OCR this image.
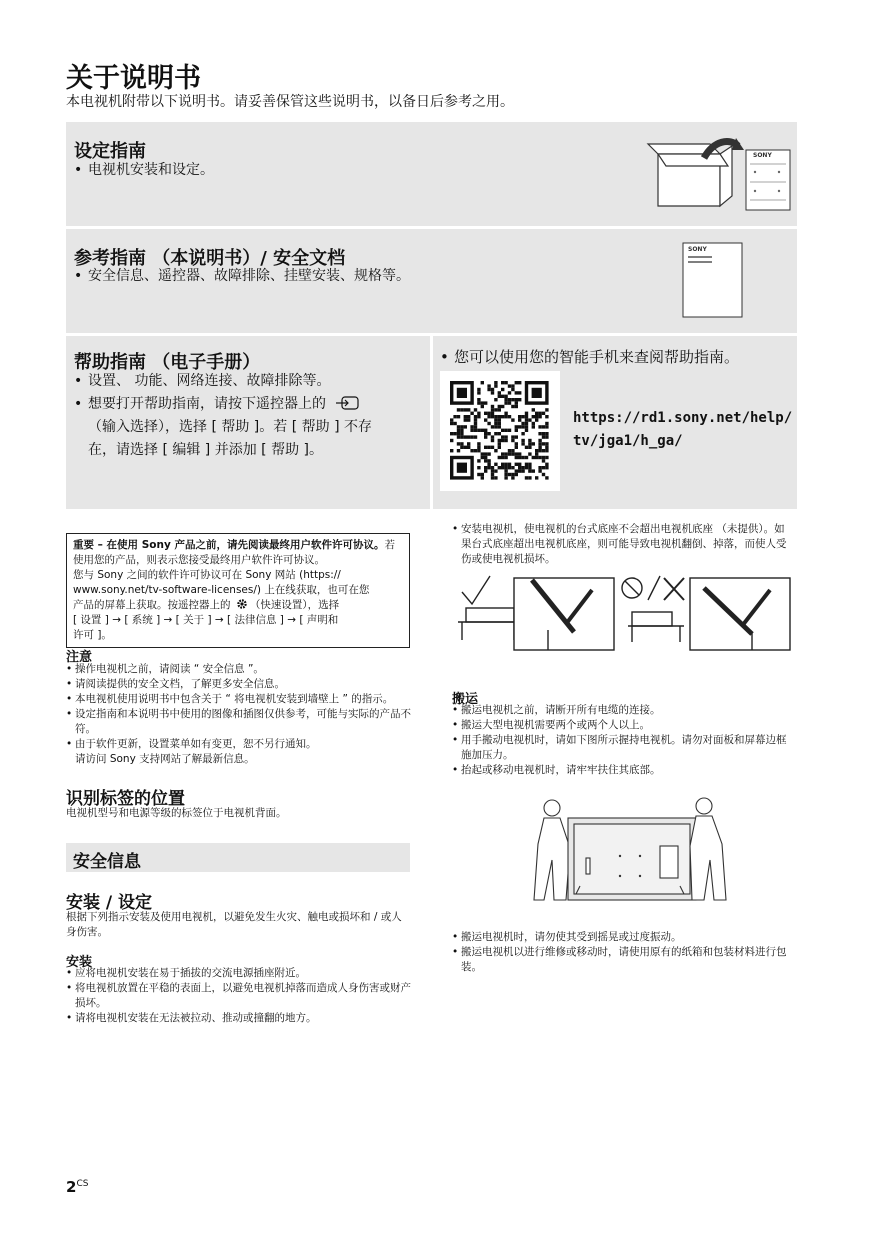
关于说明书
本电视机附带以下说明书。请妥善保管这些说明书，以备日后参考之用。
设定指南
• 电视机安装和设定。
SONY
参考指南 （本说明书）/ 安全文档
• 安全信息、遥控器、故障排除、挂壁安装、规格等。
SONY
帮助指南 （电子手册）
• 设置、 功能、网络连接、故障排除等。
• 想要打开帮助指南，请按下遥控器上的
（输入选择），选择 [ 帮助 ]。若 [ 帮助 ] 不存
在，请选择 [ 编辑 ] 并添加 [ 帮助 ]。
• 您可以使用您的智能手机来查阅帮助指南。
https://rd1.sony.net/help/
tv/jga1/h_ga/
重要 – 在使用 Sony 产品之前，请先阅读最终用户软件许可协议。若使用您的产品，则表示您接受最终用户软件许可协议。
您与 Sony 之间的软件许可协议可在 Sony 网站 (https://
www.sony.net/tv-software-licenses/) 上在线获取，也可在您
产品的屏幕上获取。按遥控器上的 （快速设置），选择
[ 设置 ] → [ 系统 ] → [ 关于 ] → [ 法律信息 ] → [ 声明和
许可 ]。
注意
• 操作电视机之前，请阅读 “ 安全信息 ”。
• 请阅读提供的安全文档，了解更多安全信息。
• 本电视机使用说明书中包含关于 “ 将电视机安装到墙壁上 ” 的指示。
• 设定指南和本说明书中使用的图像和插图仅供参考，可能与实际的产品不符。
• 由于软件更新，设置菜单如有变更，恕不另行通知。
请访问 Sony 支持网站了解最新信息。
识别标签的位置
电视机型号和电源等级的标签位于电视机背面。
安全信息
安装 / 设定
根据下列指示安装及使用电视机，以避免发生火灾、触电或损坏和 / 或人身伤害。
安装
• 应将电视机安装在易于插拔的交流电源插座附近。
• 将电视机放置在平稳的表面上，以避免电视机掉落而造成人身伤害或财产损坏。
• 请将电视机安装在无法被拉动、推动或撞翻的地方。
• 安装电视机，使电视机的台式底座不会超出电视机底座 （未提供）。如果台式底座超出电视机底座，则可能导致电视机翻倒、掉落，而使人受伤或使电视机损坏。
搬运
• 搬运电视机之前，请断开所有电缆的连接。
• 搬运大型电视机需要两个或两个人以上。
• 用手搬动电视机时，请如下图所示握持电视机。请勿对面板和屏幕边框施加压力。
• 抬起或移动电视机时，请牢牢扶住其底部。
• 搬运电视机时，请勿使其受到摇晃或过度振动。
• 搬运电视机以进行维修或移动时，请使用原有的纸箱和包装材料进行包装。
$2^{CS}$
